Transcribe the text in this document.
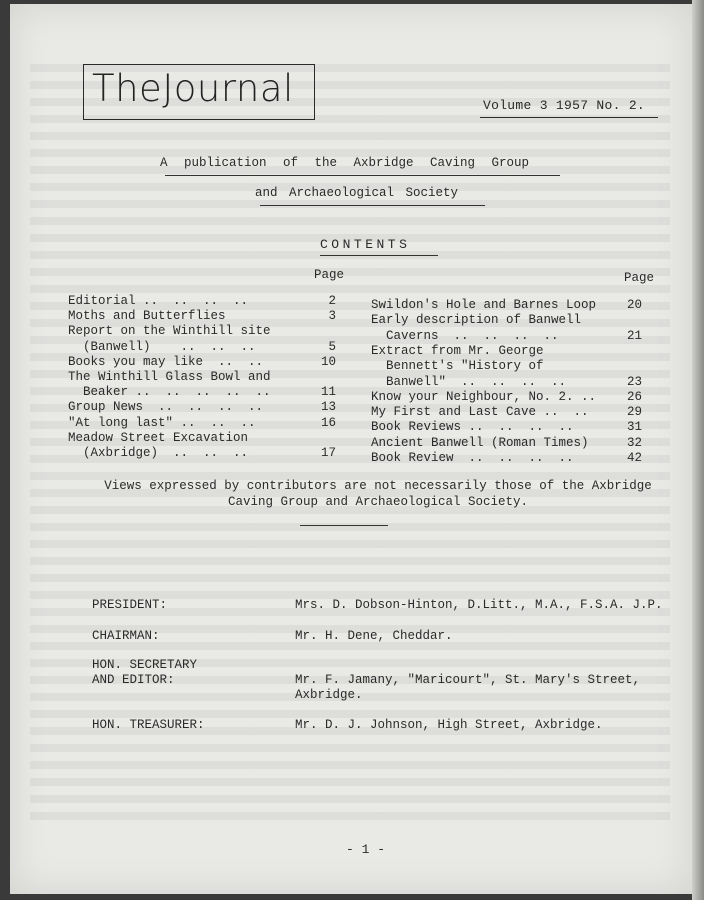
TheJournal	Volume 3 1957 No. 2.
A publication of the Axbridge Caving Group
and Archaeological Society
CONTENTS
Page	Page
Editorial ..  ..  ..  ..	2
Moths and Butterflies	3
Report on the Winthill site
(Banwell)    ..  ..  ..	5
Books you may like  ..  ..	10
The Winthill Glass Bowl and
Beaker ..  ..  ..  ..  ..	11
Group News  ..  ..  ..  ..	13
"At long last" ..  ..  ..	16
Meadow Street Excavation
(Axbridge)  ..  ..  ..	17
Swildon's Hole and Barnes Loop	20
Early description of Banwell
Caverns  ..  ..  ..  ..	21
Extract from Mr. George
Bennett's "History of
Banwell"  ..  ..  ..  ..	23
Know your Neighbour, No. 2. ..	26
My First and Last Cave ..  ..	29
Book Reviews ..  ..  ..  ..	31
Ancient Banwell (Roman Times)	32
Book Review  ..  ..  ..  ..	42
Views expressed by contributors are not necessarily those of the Axbridge Caving Group and Archaeological Society.
PRESIDENT:	Mrs. D. Dobson-Hinton, D.Litt., M.A., F.S.A. J.P.
CHAIRMAN:	Mr. H. Dene, Cheddar.
HON. SECRETARY
AND EDITOR:	Mr. F. Jamany, "Maricourt", St. Mary's Street,
Axbridge.
HON. TREASURER:	Mr. D. J. Johnson, High Street, Axbridge.
- 1 -
